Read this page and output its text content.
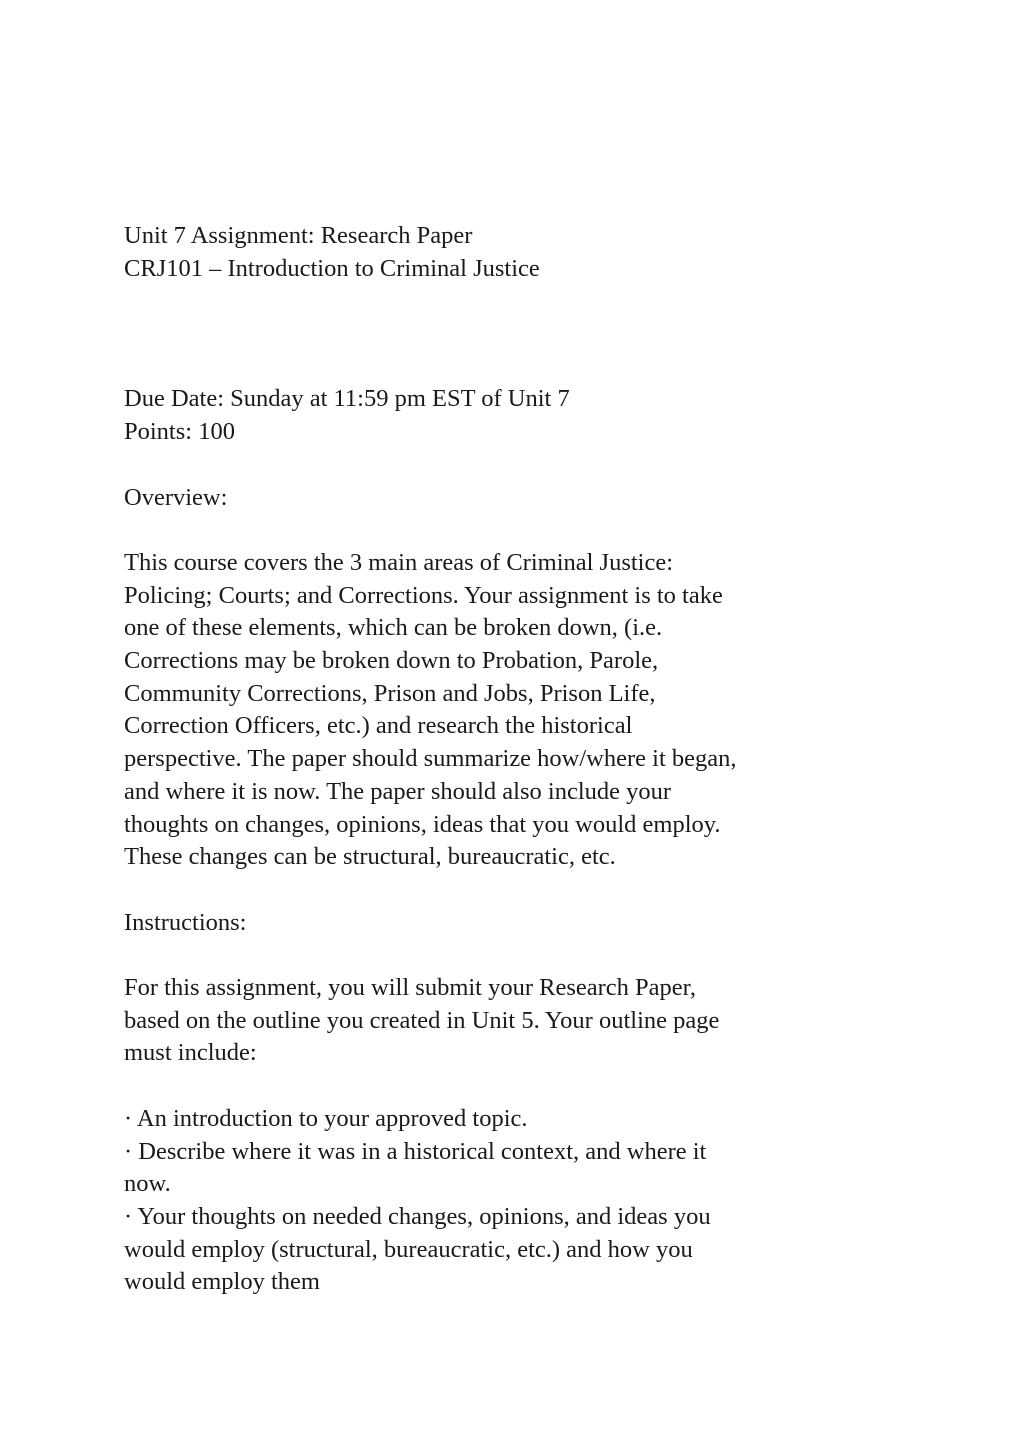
Unit 7 Assignment: Research Paper
CRJ101 – Introduction to Criminal Justice
Due Date: Sunday at 11:59 pm EST of Unit 7
Points: 100
Overview:
This course covers the 3 main areas of Criminal Justice:
Policing; Courts; and Corrections. Your assignment is to take
one of these elements, which can be broken down, (i.e.
Corrections may be broken down to Probation, Parole,
Community Corrections, Prison and Jobs, Prison Life,
Correction Officers, etc.) and research the historical
perspective. The paper should summarize how/where it began,
and where it is now. The paper should also include your
thoughts on changes, opinions, ideas that you would employ.
These changes can be structural, bureaucratic, etc.
Instructions:
For this assignment, you will submit your Research Paper,
based on the outline you created in Unit 5. Your outline page
must include:
· An introduction to your approved topic.
· Describe where it was in a historical context, and where it
now.
· Your thoughts on needed changes, opinions, and ideas you
would employ (structural, bureaucratic, etc.) and how you
would employ them
